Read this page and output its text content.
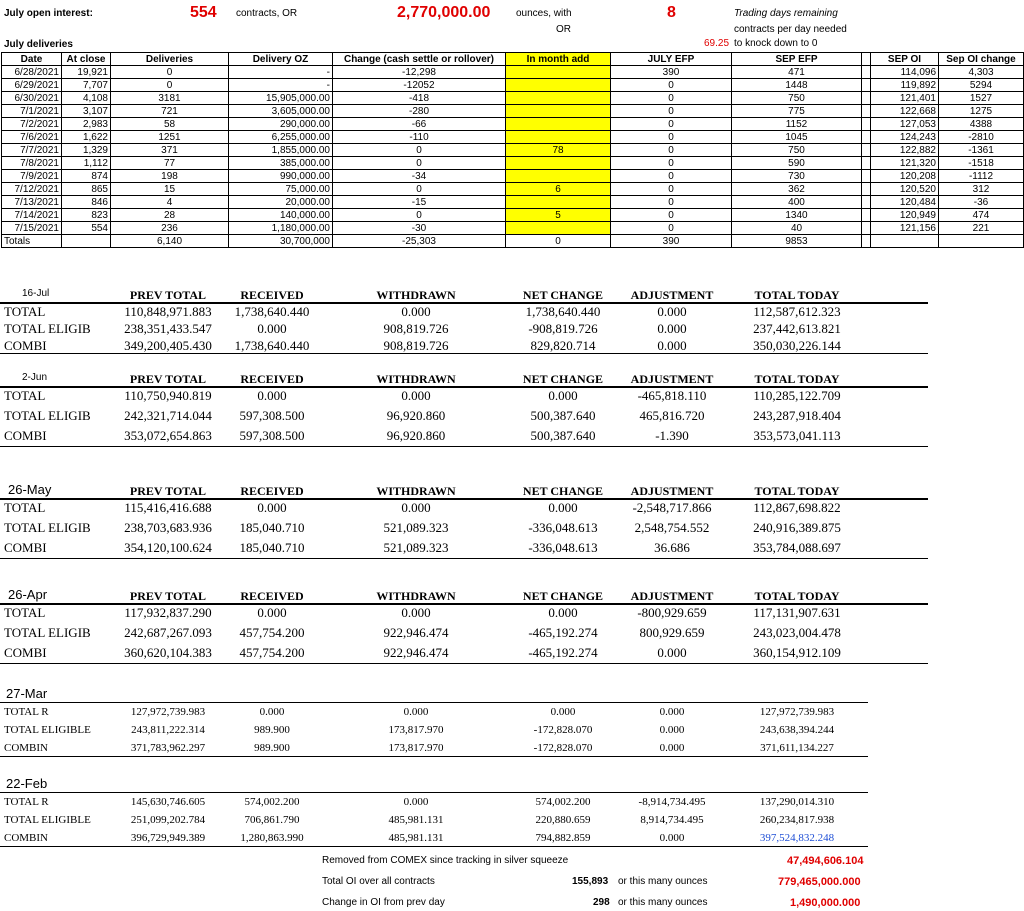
July open interest:	554 contracts, OR	2,770,000.00	ounces, with
OR
8	Trading days remaining
contracts per day needed
69.25 to knock down to 0
July deliveries
Date	At close	Deliveries	Delivery OZ	Change (cash settle or rollover)	In month add	JULY EFP	SEP EFP		SEP OI	Sep OI change
6/28/2021	19,921	0	-	-12,298		390	471		114,096	4,303
6/29/2021	7,707	0	-	-12052		0	1448		119,892	5294
6/30/2021	4,108	3181	15,905,000.00	-418		0	750		121,401	1527
7/1/2021	3,107	721	3,605,000.00	-280		0	775		122,668	1275
7/2/2021	2,983	58	290,000.00	-66		0	1152		127,053	4388
7/6/2021	1,622	1251	6,255,000.00	-110		0	1045		124,243	-2810
7/7/2021	1,329	371	1,855,000.00	0	78	0	750		122,882	-1361
7/8/2021	1,112	77	385,000.00	0		0	590		121,320	-1518
7/9/2021	874	198	990,000.00	-34		0	730		120,208	-1112
7/12/2021	865	15	75,000.00	0	6	0	362		120,520	312
7/13/2021	846	4	20,000.00	-15		0	400		120,484	-36
7/14/2021	823	28	140,000.00	0	5	0	1340		120,949	474
7/15/2021	554	236	1,180,000.00	-30		0	40		121,156	221
Totals		6,140	30,700,000	-25,303	0	390	9853			
16-Jul	PREV TOTAL	RECEIVED	WITHDRAWN	NET CHANGE	ADJUSTMENT	TOTAL TODAY
TOTAL	110,848,971.883	1,738,640.440	0.000	1,738,640.440	0.000	112,587,612.323
TOTAL ELIGIB	238,351,433.547	0.000	908,819.726	-908,819.726	0.000	237,442,613.821
COMBI	349,200,405.430	1,738,640.440	908,819.726	829,820.714	0.000	350,030,226.144
2-Jun	PREV TOTAL	RECEIVED	WITHDRAWN	NET CHANGE	ADJUSTMENT	TOTAL TODAY
TOTAL	110,750,940.819	0.000	0.000	0.000	-465,818.110	110,285,122.709
TOTAL ELIGIB	242,321,714.044	597,308.500	96,920.860	500,387.640	465,816.720	243,287,918.404
COMBI	353,072,654.863	597,308.500	96,920.860	500,387.640	-1.390	353,573,041.113
26-May	PREV TOTAL	RECEIVED	WITHDRAWN	NET CHANGE	ADJUSTMENT	TOTAL TODAY
TOTAL	115,416,416.688	0.000	0.000	0.000	-2,548,717.866	112,867,698.822
TOTAL ELIGIB	238,703,683.936	185,040.710	521,089.323	-336,048.613	2,548,754.552	240,916,389.875
COMBI	354,120,100.624	185,040.710	521,089.323	-336,048.613	36.686	353,784,088.697
26-Apr	PREV TOTAL	RECEIVED	WITHDRAWN	NET CHANGE	ADJUSTMENT	TOTAL TODAY
TOTAL	117,932,837.290	0.000	0.000	0.000	-800,929.659	117,131,907.631
TOTAL ELIGIB	242,687,267.093	457,754.200	922,946.474	-465,192.274	800,929.659	243,023,004.478
COMBI	360,620,104.383	457,754.200	922,946.474	-465,192.274	0.000	360,154,912.109
27-Mar
TOTAL R	127,972,739.983	0.000	0.000	0.000	0.000	127,972,739.983
TOTAL ELIGIBLE	243,811,222.314	989.900	173,817.970	-172,828.070	0.000	243,638,394.244
COMBIN	371,783,962.297	989.900	173,817.970	-172,828.070	0.000	371,611,134.227
22-Feb
TOTAL R	145,630,746.605	574,002.200	0.000	574,002.200	-8,914,734.495	137,290,014.310
TOTAL ELIGIBLE	251,099,202.784	706,861.790	485,981.131	220,880.659	8,914,734.495	260,234,817.938
COMBIN	396,729,949.389	1,280,863.990	485,981.131	794,882.859	0.000	397,524,832.248
Removed from COMEX since tracking in silver squeeze	47,494,606.104
Total OI over all contracts	155,893 or this many ounces	779,465,000.000
Change in OI from prev day	298 or this many ounces	1,490,000.000
